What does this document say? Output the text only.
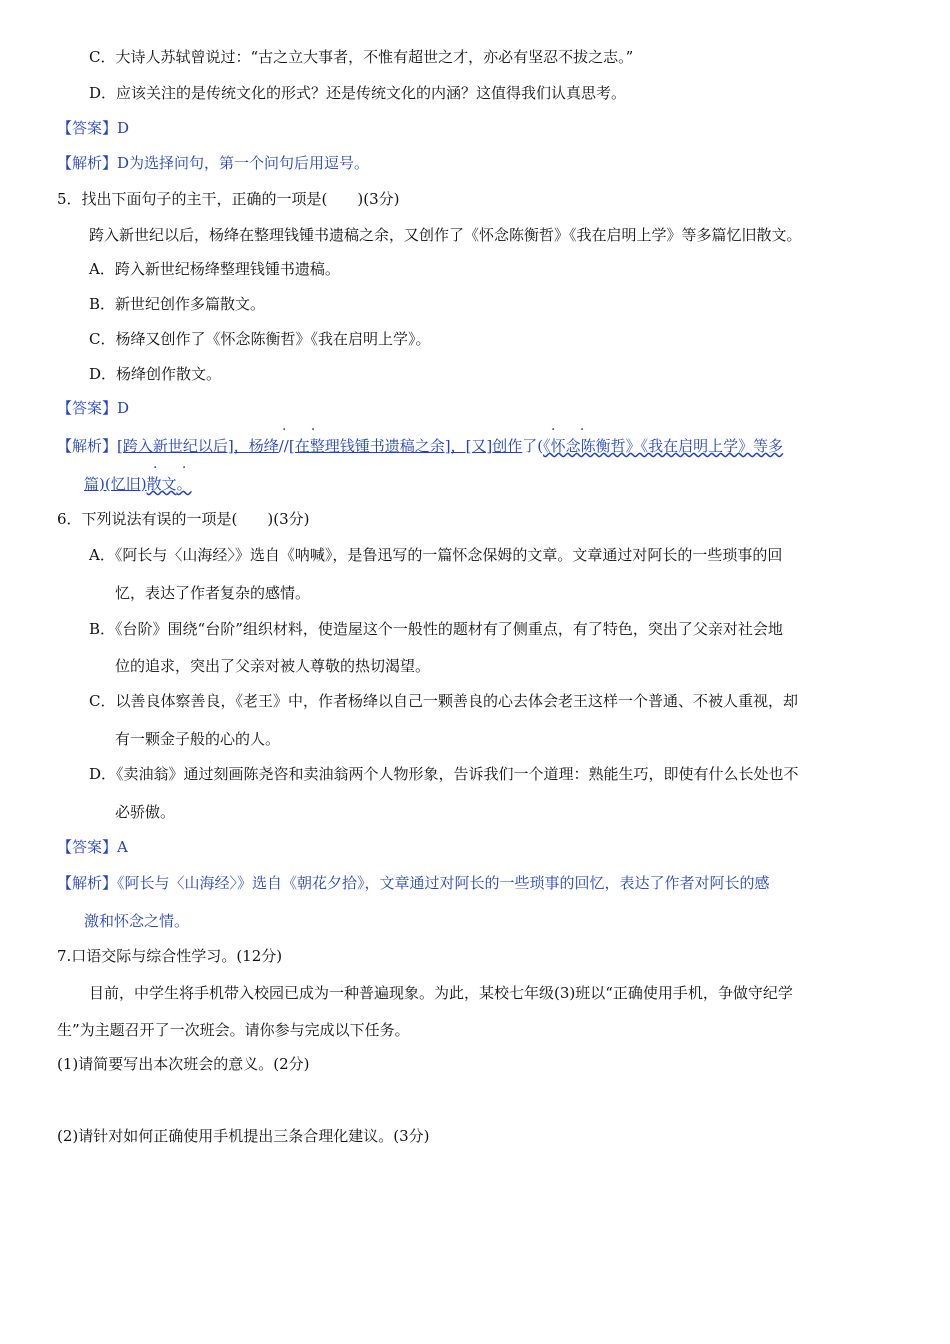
C．大诗人苏轼曾说过：“古之立大事者，不惟有超世之才，亦必有坚忍不拔之志。”
D．应该关注的是传统文化的形式？还是传统文化的内涵？这值得我们认真思考。
【答案】D
【解析】D为选择问句，第一个问句后用逗号。
5．找出下面句子的主干，正确的一项是(　　)(3分)
跨入新世纪以后，杨绛在整理钱锺书遗稿之余，又创作了《怀念陈衡哲》《我在启明上学》等多篇忆旧散文。
A．跨入新世纪杨绛整理钱锺书遗稿。
B．新世纪创作多篇散文。
C．杨绛又创作了《怀念陈衡哲》《我在启明上学》。
D．杨绛创作散文。
【答案】D
· ·	· ·
· ·
【解析】[跨入新世纪以后]，杨绛//[在整理钱锺书遗稿之余]，[又]创作了(《怀念陈衡哲》《我在启明上学》等多
篇)(忆旧)散文。
6．下列说法有误的一项是(　　)(3分)
A．《阿长与〈山海经〉》选自《呐喊》，是鲁迅写的一篇怀念保姆的文章。文章通过对阿长的一些琐事的回
忆，表达了作者复杂的感情。
B．《台阶》围绕“台阶”组织材料，使造屋这个一般性的题材有了侧重点，有了特色，突出了父亲对社会地
位的追求，突出了父亲对被人尊敬的热切渴望。
C．以善良体察善良，《老王》中，作者杨绛以自己一颗善良的心去体会老王这样一个普通、不被人重视，却
有一颗金子般的心的人。
D．《卖油翁》通过刻画陈尧咨和卖油翁两个人物形象，告诉我们一个道理：熟能生巧，即使有什么长处也不
必骄傲。
【答案】A
【解析】《阿长与〈山海经〉》选自《朝花夕拾》，文章通过对阿长的一些琐事的回忆，表达了作者对阿长的感
激和怀念之情。
7.口语交际与综合性学习。(12分)
目前，中学生将手机带入校园已成为一种普遍现象。为此，某校七年级(3)班以“正确使用手机，争做守纪学
生”为主题召开了一次班会。请你参与完成以下任务。
(1)请简要写出本次班会的意义。(2分)
(2)请针对如何正确使用手机提出三条合理化建议。(3分)
